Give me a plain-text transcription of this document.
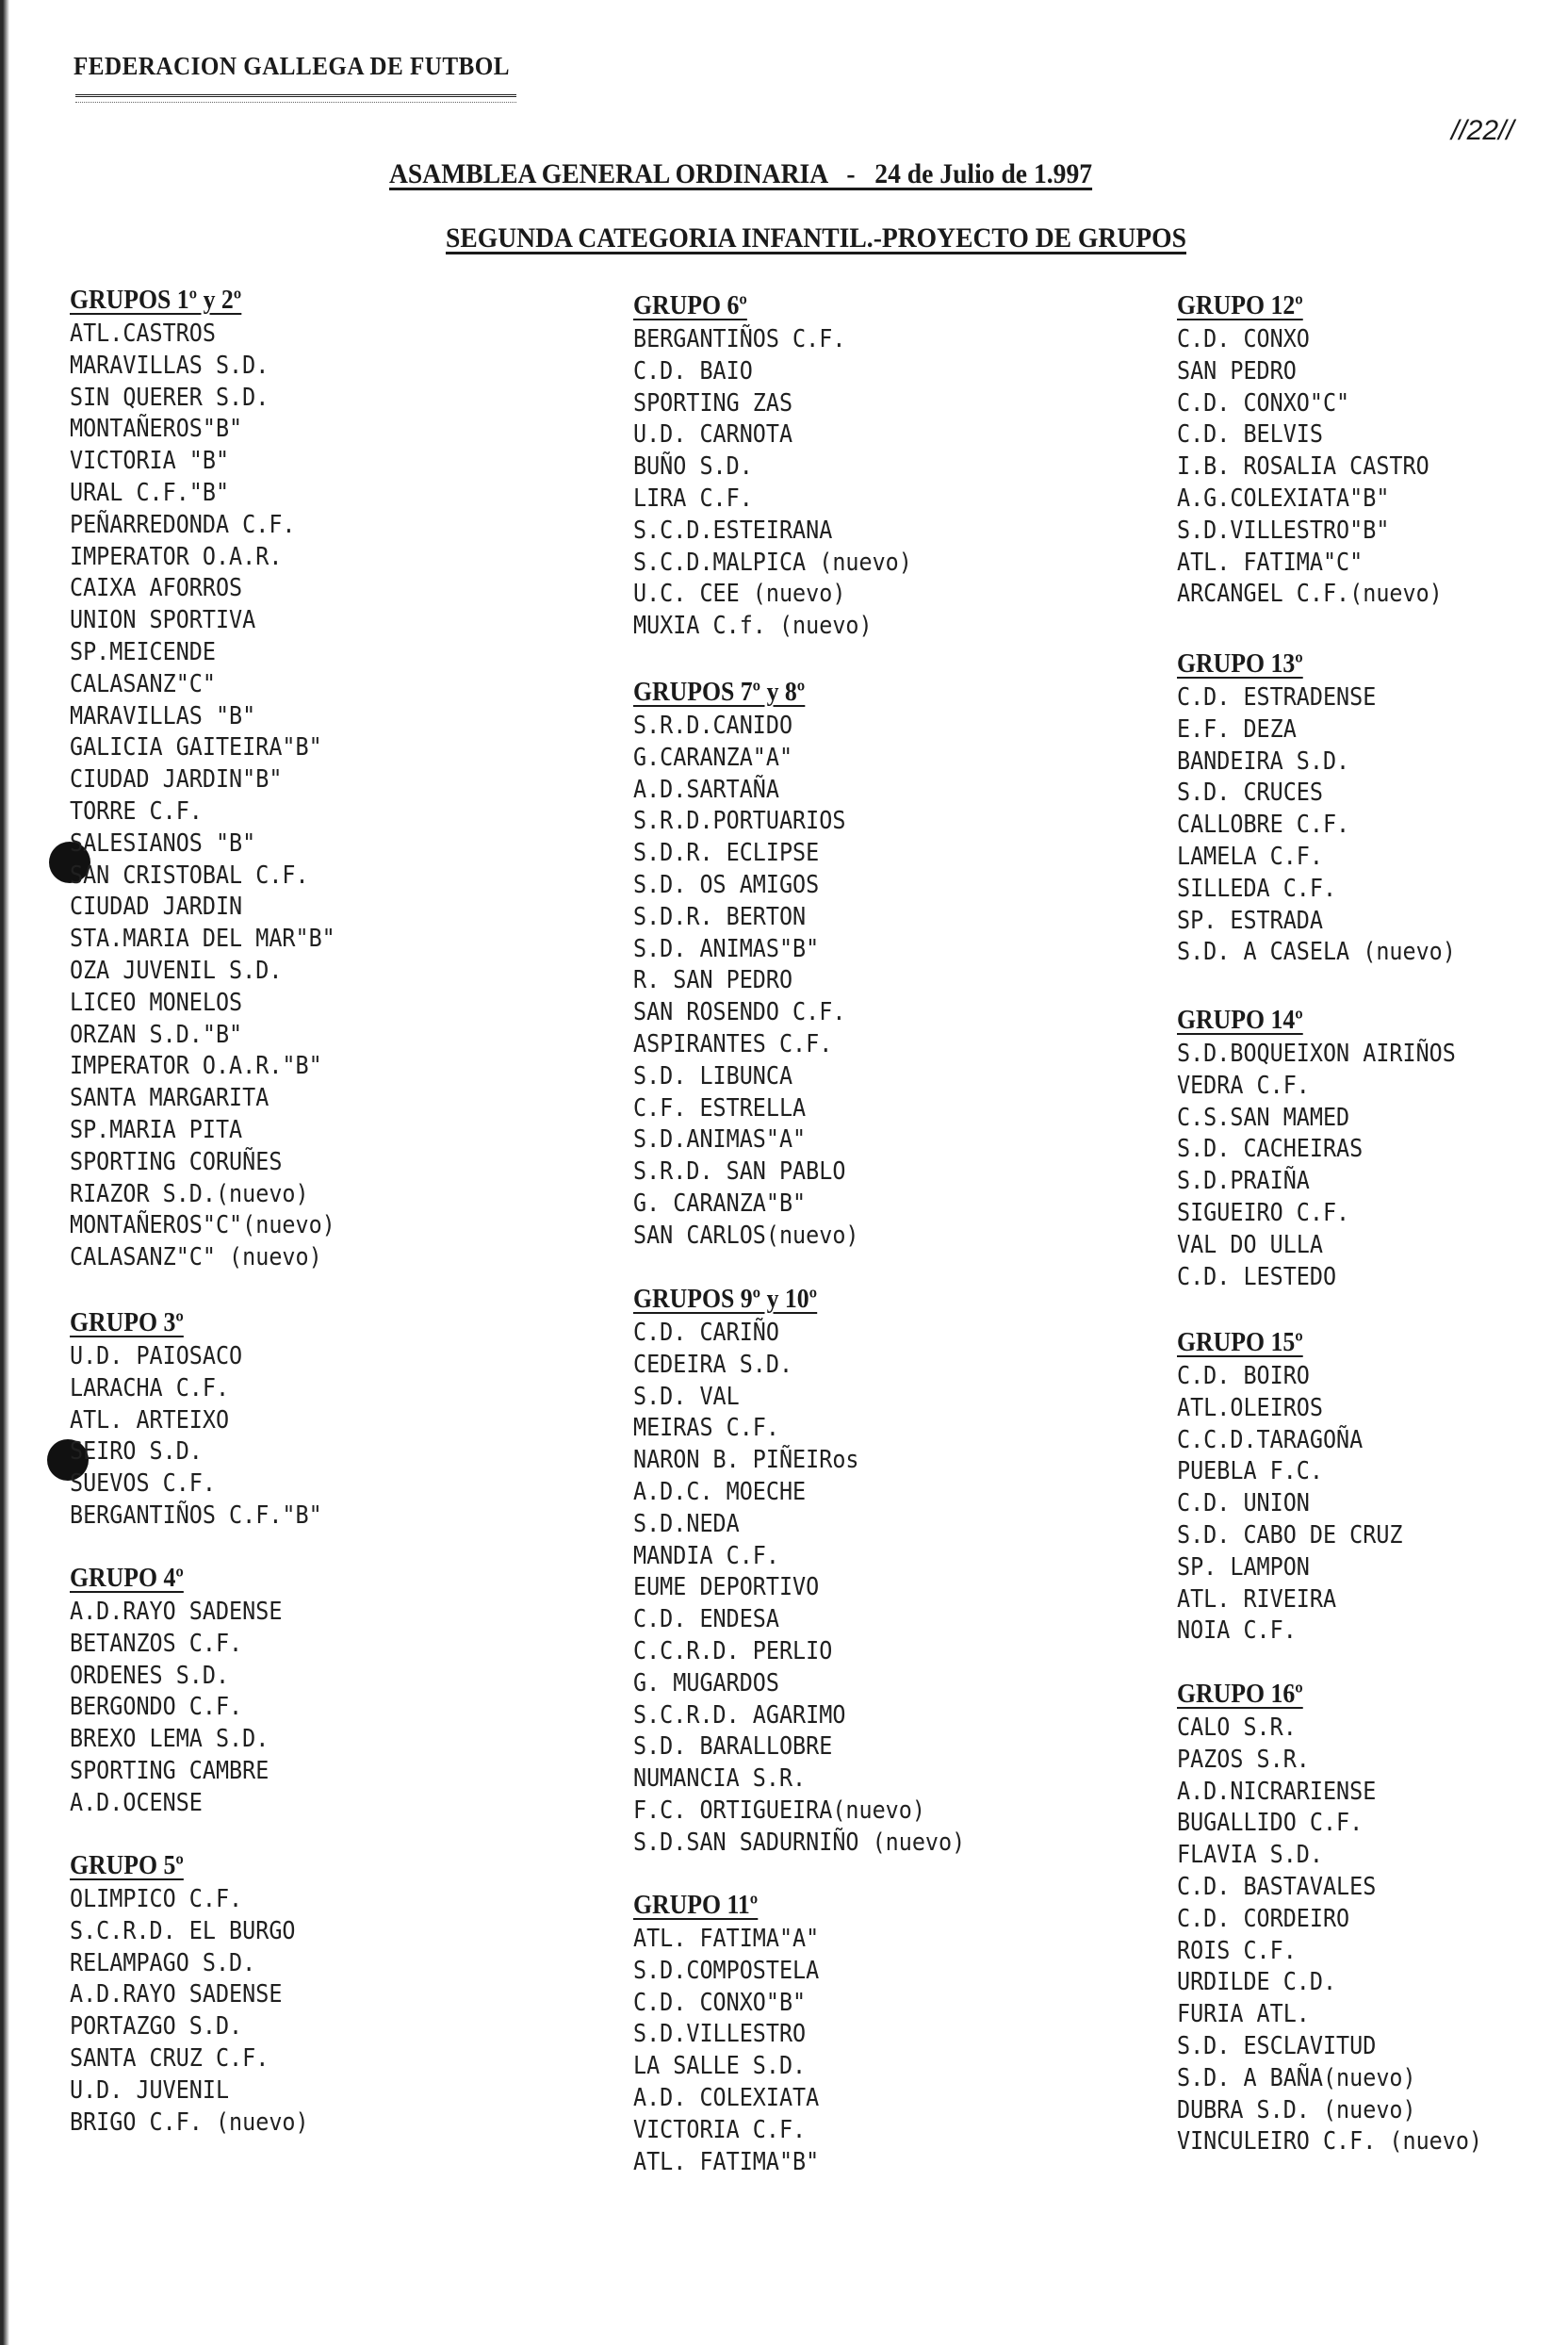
FEDERACION GALLEGA DE FUTBOL
//22//
ASAMBLEA GENERAL ORDINARIA   -   24 de Julio de 1.997
SEGUNDA CATEGORIA INFANTIL.-PROYECTO DE GRUPOS
GRUPOS 1º y 2º
ATL.CASTROS
MARAVILLAS S.D.
SIN QUERER S.D.
MONTAÑEROS"B"
VICTORIA "B"
URAL C.F."B"
PEÑARREDONDA C.F.
IMPERATOR O.A.R.
CAIXA AFORROS
UNION SPORTIVA
SP.MEICENDE
CALASANZ"C"
MARAVILLAS "B"
GALICIA GAITEIRA"B"
CIUDAD JARDIN"B"
TORRE C.F.
SALESIANOS "B"
SAN CRISTOBAL C.F.
CIUDAD JARDIN
STA.MARIA DEL MAR"B"
OZA JUVENIL S.D.
LICEO MONELOS
ORZAN S.D."B"
IMPERATOR O.A.R."B"
SANTA MARGARITA
SP.MARIA PITA
SPORTING CORUÑES
RIAZOR S.D.(nuevo)
MONTAÑEROS"C"(nuevo)
CALASANZ"C" (nuevo)
GRUPO 3º
U.D. PAIOSACO
LARACHA C.F.
ATL. ARTEIXO
SEIRO S.D.
SUEVOS C.F.
BERGANTIÑOS C.F."B"
GRUPO 4º
A.D.RAYO SADENSE
BETANZOS C.F.
ORDENES S.D.
BERGONDO C.F.
BREXO LEMA S.D.
SPORTING CAMBRE
A.D.OCENSE
GRUPO 5º
OLIMPICO C.F.
S.C.R.D. EL BURGO
RELAMPAGO S.D.
A.D.RAYO SADENSE
PORTAZGO S.D.
SANTA CRUZ C.F.
U.D. JUVENIL
BRIGO C.F. (nuevo)
GRUPO 6º
BERGANTIÑOS C.F.
C.D. BAIO
SPORTING ZAS
U.D. CARNOTA
BUÑO S.D.
LIRA C.F.
S.C.D.ESTEIRANA
S.C.D.MALPICA (nuevo)
U.C. CEE (nuevo)
MUXIA C.f. (nuevo)
GRUPOS 7º y 8º
S.R.D.CANIDO
G.CARANZA"A"
A.D.SARTAÑA
S.R.D.PORTUARIOS
S.D.R. ECLIPSE
S.D. OS AMIGOS
S.D.R. BERTON
S.D. ANIMAS"B"
R. SAN PEDRO
SAN ROSENDO C.F.
ASPIRANTES C.F.
S.D. LIBUNCA
C.F. ESTRELLA
S.D.ANIMAS"A"
S.R.D. SAN PABLO
G. CARANZA"B"
SAN CARLOS(nuevo)
GRUPOS 9º y 10º
C.D. CARIÑO
CEDEIRA S.D.
S.D. VAL
MEIRAS C.F.
NARON B. PIÑEIRos
A.D.C. MOECHE
S.D.NEDA
MANDIA C.F.
EUME DEPORTIVO
C.D. ENDESA
C.C.R.D. PERLIO
G. MUGARDOS
S.C.R.D. AGARIMO
S.D. BARALLOBRE
NUMANCIA S.R.
F.C. ORTIGUEIRA(nuevo)
S.D.SAN SADURNIÑO (nuevo)
GRUPO 11º
ATL. FATIMA"A"
S.D.COMPOSTELA
C.D. CONXO"B"
S.D.VILLESTRO
LA SALLE S.D.
A.D. COLEXIATA
VICTORIA C.F.
ATL. FATIMA"B"
GRUPO 12º
C.D. CONXO
SAN PEDRO
C.D. CONXO"C"
C.D. BELVIS
I.B. ROSALIA CASTRO
A.G.COLEXIATA"B"
S.D.VILLESTRO"B"
ATL. FATIMA"C"
ARCANGEL C.F.(nuevo)
GRUPO 13º
C.D. ESTRADENSE
E.F. DEZA
BANDEIRA S.D.
S.D. CRUCES
CALLOBRE C.F.
LAMELA C.F.
SILLEDA C.F.
SP. ESTRADA
S.D. A CASELA (nuevo)
GRUPO 14º
S.D.BOQUEIXON AIRIÑOS
VEDRA C.F.
C.S.SAN MAMED
S.D. CACHEIRAS
S.D.PRAIÑA
SIGUEIRO C.F.
VAL DO ULLA
C.D. LESTEDO
GRUPO 15º
C.D. BOIRO
ATL.OLEIROS
C.C.D.TARAGOÑA
PUEBLA F.C.
C.D. UNION
S.D. CABO DE CRUZ
SP. LAMPON
ATL. RIVEIRA
NOIA C.F.
GRUPO 16º
CALO S.R.
PAZOS S.R.
A.D.NICRARIENSE
BUGALLIDO C.F.
FLAVIA S.D.
C.D. BASTAVALES
C.D. CORDEIRO
ROIS C.F.
URDILDE C.D.
FURIA ATL.
S.D. ESCLAVITUD
S.D. A BAÑA(nuevo)
DUBRA S.D. (nuevo)
VINCULEIRO C.F. (nuevo)
